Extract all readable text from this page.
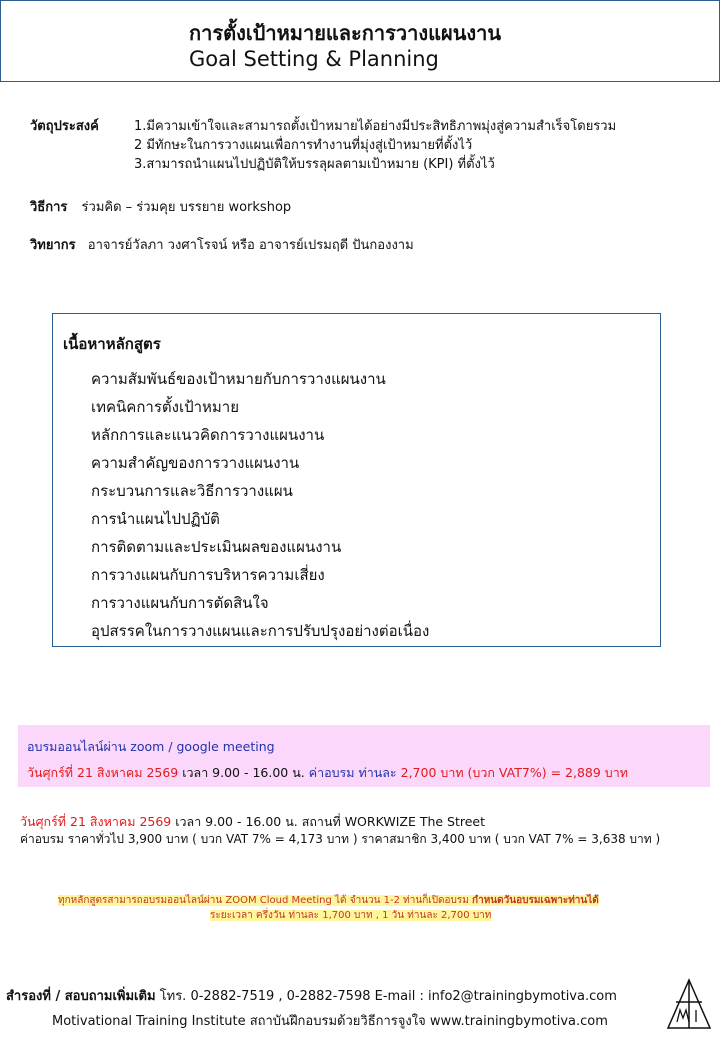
การตั้งเป้าหมายและการวางแผนงาน
Goal Setting & Planning
วัตถุประสงค์	1.มีความเข้าใจและสามารถตั้งเป้าหมายได้อย่างมีประสิทธิภาพมุ่งสู่ความสำเร็จโดยรวม
2 มีทักษะในการวางแผนเพื่อการทำงานที่มุ่งสู่เป้าหมายที่ตั้งไว้
3.สามารถนำแผนไปปฏิบัติให้บรรลุผลตามเป้าหมาย (KPI) ที่ตั้งไว้
วิธีการ ร่วมคิด – ร่วมคุย บรรยาย workshop
วิทยากร อาจารย์วัลภา วงศาโรจน์ หรือ อาจารย์เปรมฤดี ปันกองงาม
เนื้อหาหลักสูตร
ความสัมพันธ์ของเป้าหมายกับการวางแผนงาน
เทคนิคการตั้งเป้าหมาย
หลักการและแนวคิดการวางแผนงาน
ความสำคัญของการวางแผนงาน
กระบวนการและวิธีการวางแผน
การนำแผนไปปฏิบัติ
การติดตามและประเมินผลของแผนงาน
การวางแผนกับการบริหารความเสี่ยง
การวางแผนกับการตัดสินใจ
อุปสรรคในการวางแผนและการปรับปรุงอย่างต่อเนื่อง
อบรมออนไลน์ผ่าน zoom / google meeting
วันศุกร์ที่ 21 สิงหาคม 2569 เวลา 9.00 - 16.00 น. ค่าอบรม ท่านละ 2,700 บาท (บวก VAT7%) = 2,889 บาท
วันศุกร์ที่ 21 สิงหาคม 2569 เวลา 9.00 - 16.00 น. สถานที่ WORKWIZE The Street
ค่าอบรม ราคาทั่วไป 3,900 บาท ( บวก VAT 7% = 4,173 บาท ) ราคาสมาชิก 3,400 บาท ( บวก VAT 7% = 3,638 บาท )
ทุกหลักสูตรสามารถอบรมออนไลน์ผ่าน ZOOM Cloud Meeting ได้ จำนวน 1-2 ท่านก็เปิดอบรม กำหนดวันอบรมเฉพาะท่านได้
ระยะเวลา ครึ่งวัน ท่านละ 1,700 บาท , 1 วัน ท่านละ 2,700 บาท
สำรองที่ / สอบถามเพิ่มเติม โทร. 0-2882-7519 , 0-2882-7598 E-mail : info2@trainingbymotiva.com
Motivational Training Institute สถาบันฝึกอบรมด้วยวิธีการจูงใจ www.trainingbymotiva.com
